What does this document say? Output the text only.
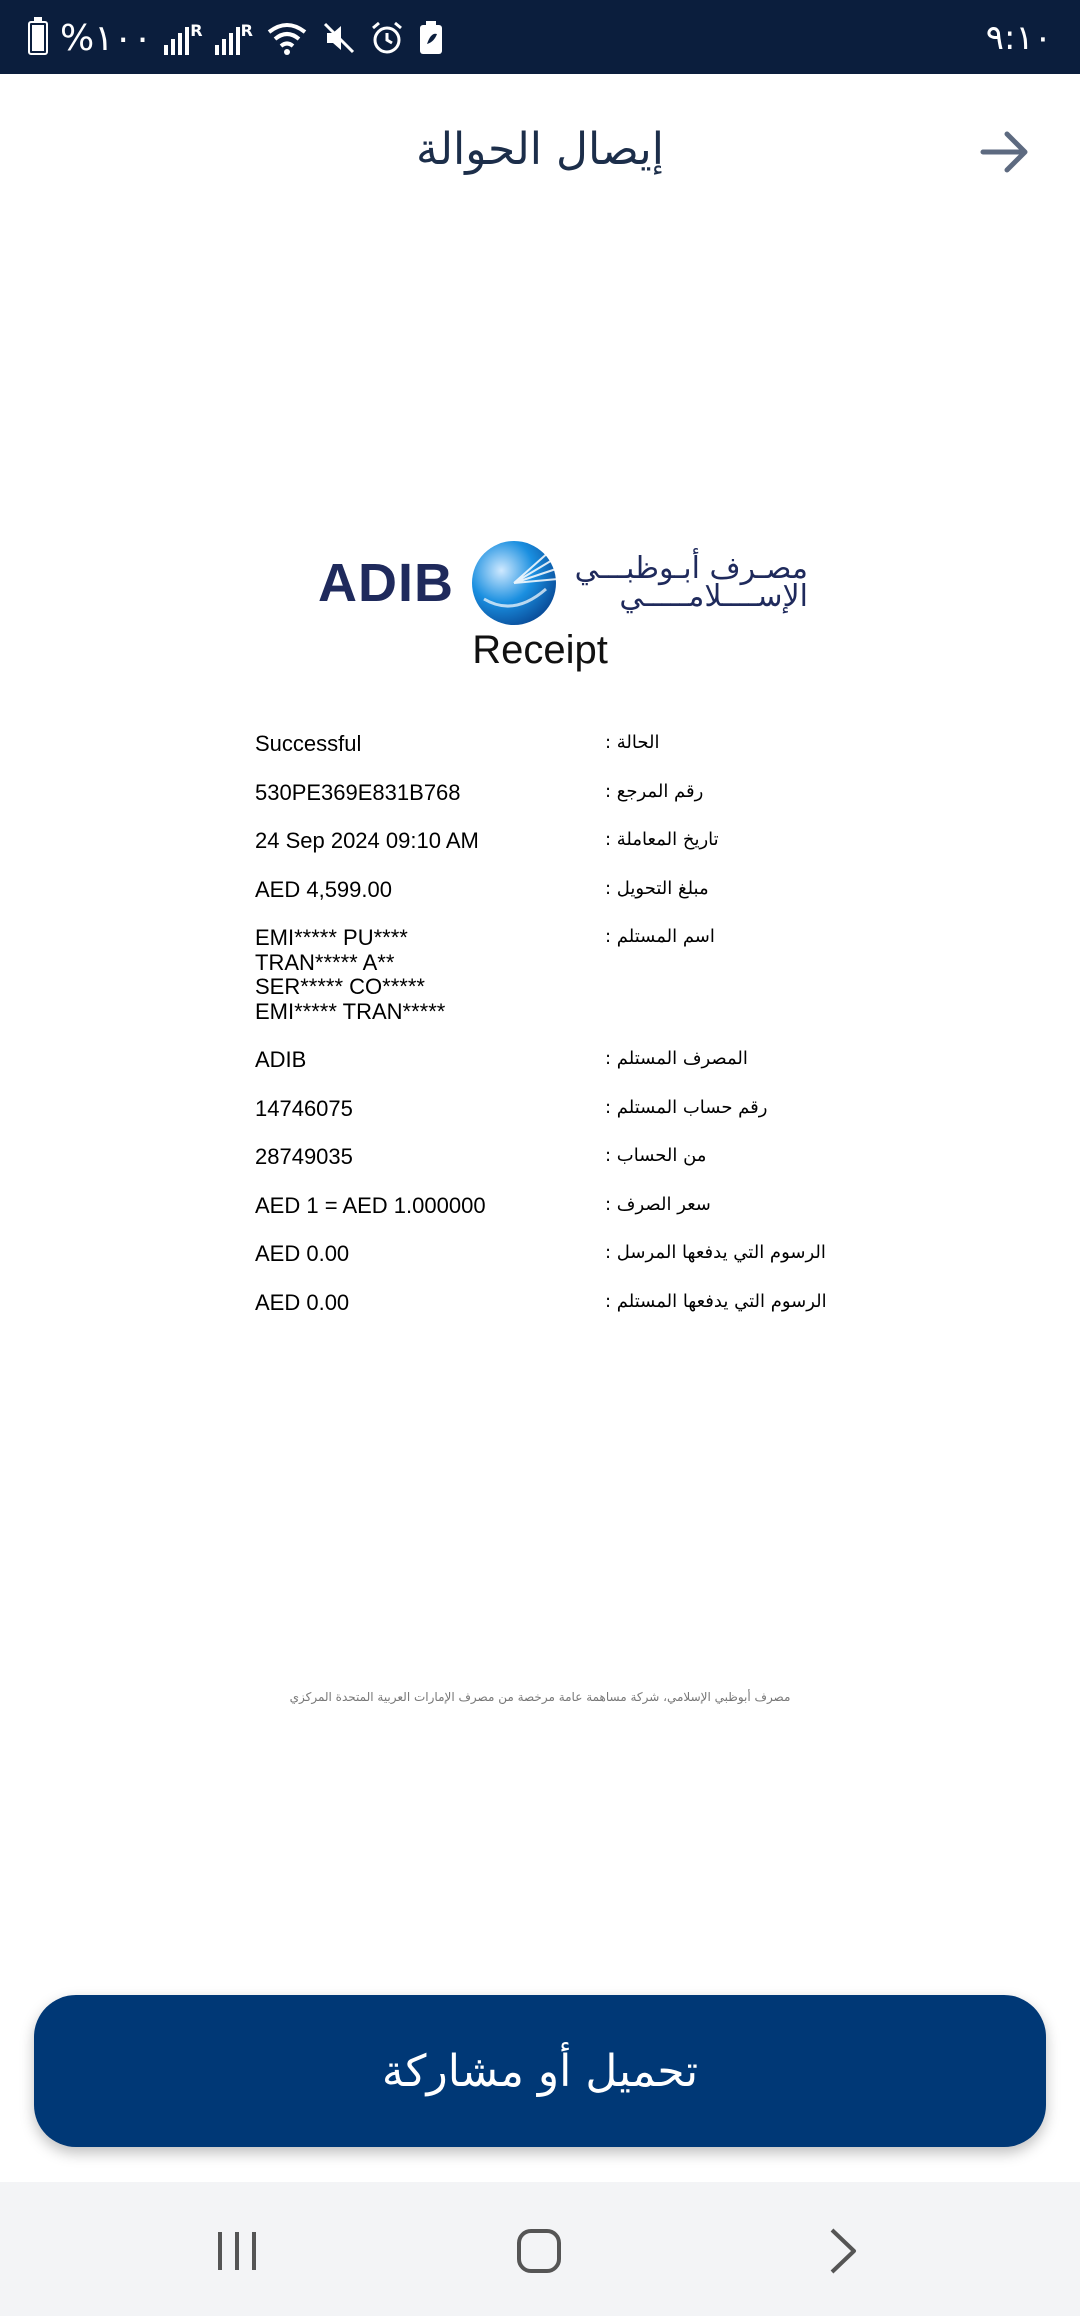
%١٠٠ R R	٩:١٠
إيصال الحوالة
ADIB	مصـرف أبـوظبـــي
الإســــلامـــــي
Receipt
Successful	الحالة :
530PE369E831B768	رقم المرجع :
24 Sep 2024 09:10 AM	تاريخ المعاملة :
AED 4,599.00	مبلغ التحويل :
EMI***** PU****
TRAN***** A**
SER***** CO*****
EMI***** TRAN*****
اسم المستلم :
ADIB	المصرف المستلم :
14746075	رقم حساب المستلم :
28749035	من الحساب :
AED 1 = AED 1.000000	سعر الصرف :
AED 0.00	الرسوم التي يدفعها المرسل :
AED 0.00	الرسوم التي يدفعها المستلم :
مصرف أبوظبي الإسلامي، شركة مساهمة عامة مرخصة من مصرف الإمارات العربية المتحدة المركزي
تحميل أو مشاركة
